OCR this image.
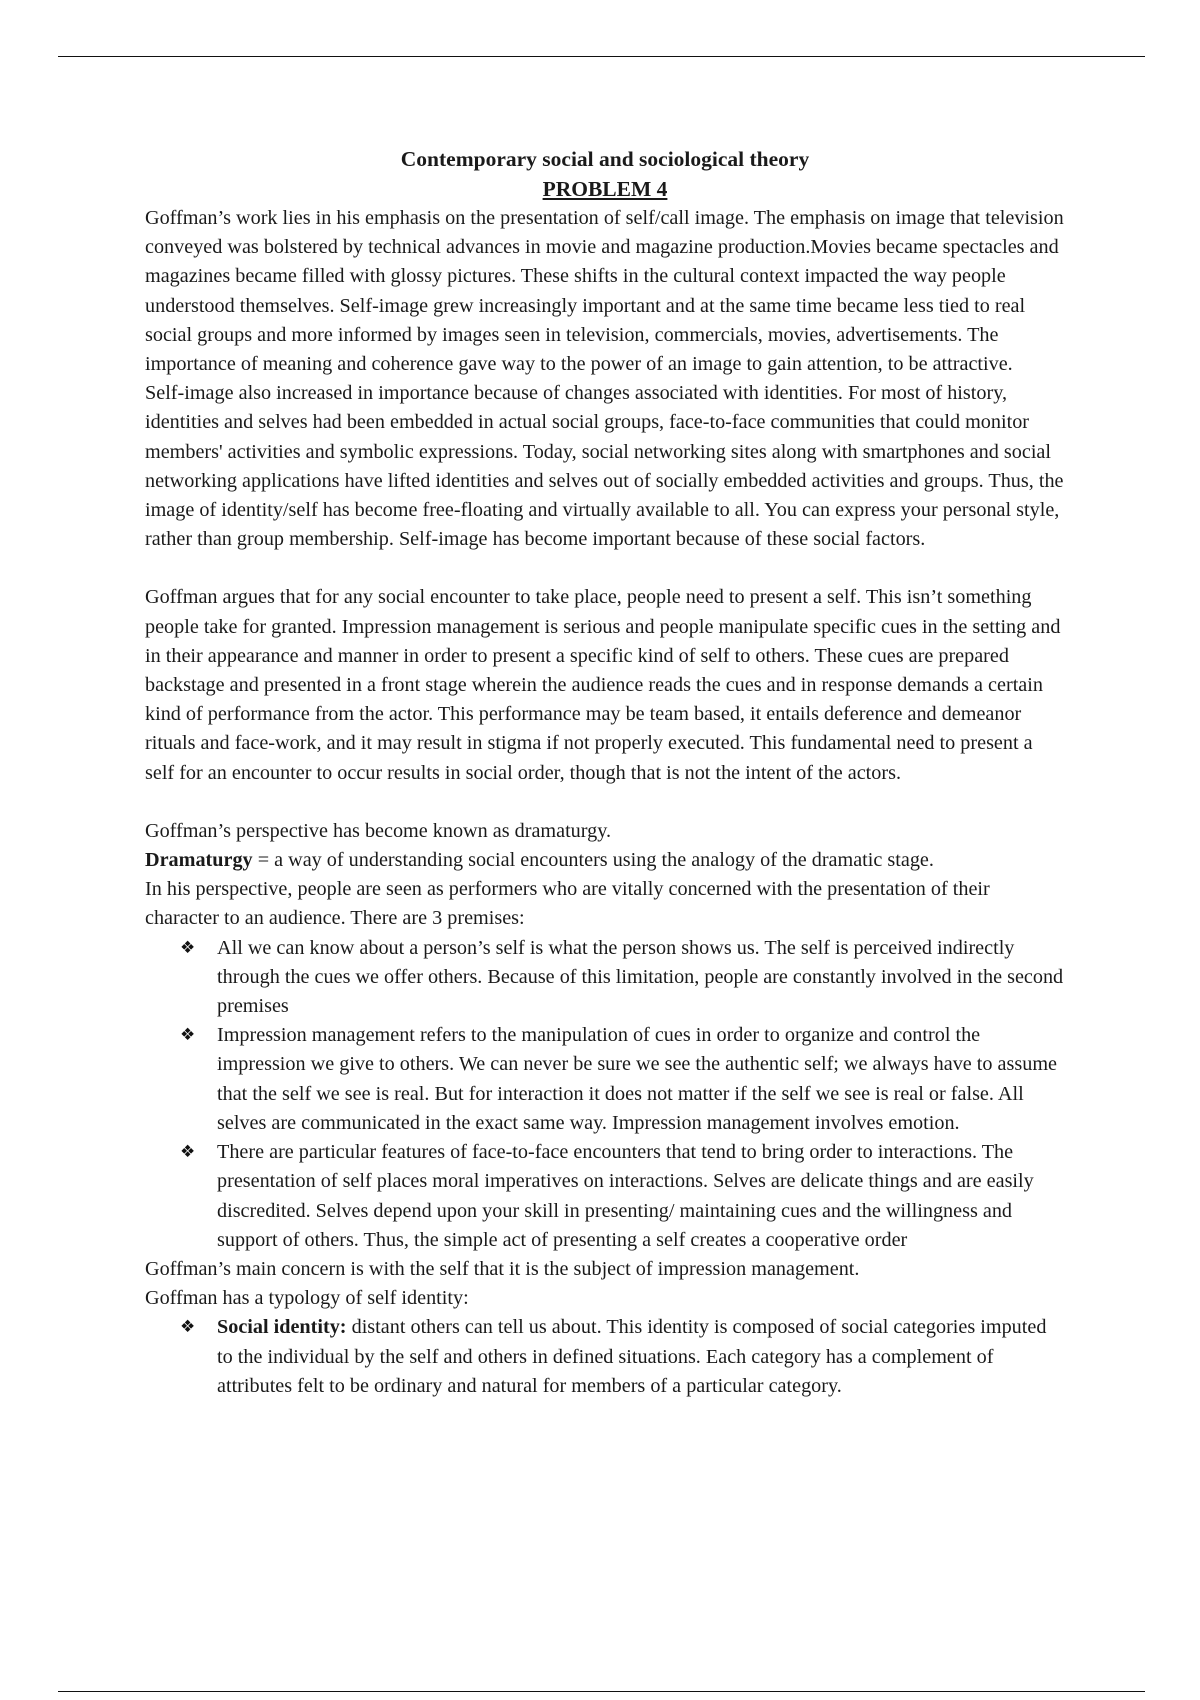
Contemporary social and sociological theory
PROBLEM 4

Goffman’s work lies in his emphasis on the presentation of self/call image. The emphasis on image that television conveyed was bolstered by technical advances in movie and magazine production.Movies became spectacles and magazines became filled with glossy pictures. These shifts in the cultural context impacted the way people understood themselves. Self-image grew increasingly important and at the same time became less tied to real social groups and more informed by images seen in television, commercials, movies, advertisements. The importance of meaning and coherence gave way to the power of an image to gain attention, to be attractive.

Self-image also increased in importance because of changes associated with identities. For most of history, identities and selves had been embedded in actual social groups, face-to-face communities that could monitor members' activities and symbolic expressions. Today, social networking sites along with smartphones and social networking applications have lifted identities and selves out of socially embedded activities and groups. Thus, the image of identity/self has become free-floating and virtually available to all. You can express your personal style, rather than group membership. Self-image has become important because of these social factors.

Goffman argues that for any social encounter to take place, people need to present a self. This isn’t something people take for granted. Impression management is serious and people manipulate specific cues in the setting and in their appearance and manner in order to present a specific kind of self to others. These cues are prepared backstage and presented in a front stage wherein the audience reads the cues and in response demands a certain kind of performance from the actor. This performance may be team based, it entails deference and demeanor rituals and face-work, and it may result in stigma if not properly executed. This fundamental need to present a self for an encounter to occur results in social order, though that is not the intent of the actors.

Goffman’s perspective has become known as dramaturgy.

Dramaturgy = a way of understanding social encounters using the analogy of the dramatic stage.

In his perspective, people are seen as performers who are vitally concerned with the presentation of their character to an audience. There are 3 premises:

❖ All we can know about a person’s self is what the person shows us. The self is perceived indirectly through the cues we offer others. Because of this limitation, people are constantly involved in the second premises
❖ Impression management refers to the manipulation of cues in order to organize and control the impression we give to others. We can never be sure we see the authentic self; we always have to assume that the self we see is real. But for interaction it does not matter if the self we see is real or false. All selves are communicated in the exact same way. Impression management involves emotion.
❖ There are particular features of face-to-face encounters that tend to bring order to interactions. The presentation of self places moral imperatives on interactions. Selves are delicate things and are easily discredited. Selves depend upon your skill in presenting/ maintaining cues and the willingness and support of others. Thus, the simple act of presenting a self creates a cooperative order

Goffman’s main concern is with the self that it is the subject of impression management.

Goffman has a typology of self identity:

❖ Social identity: distant others can tell us about. This identity is composed of social categories imputed to the individual by the self and others in defined situations. Each category has a complement of attributes felt to be ordinary and natural for members of a particular category.
